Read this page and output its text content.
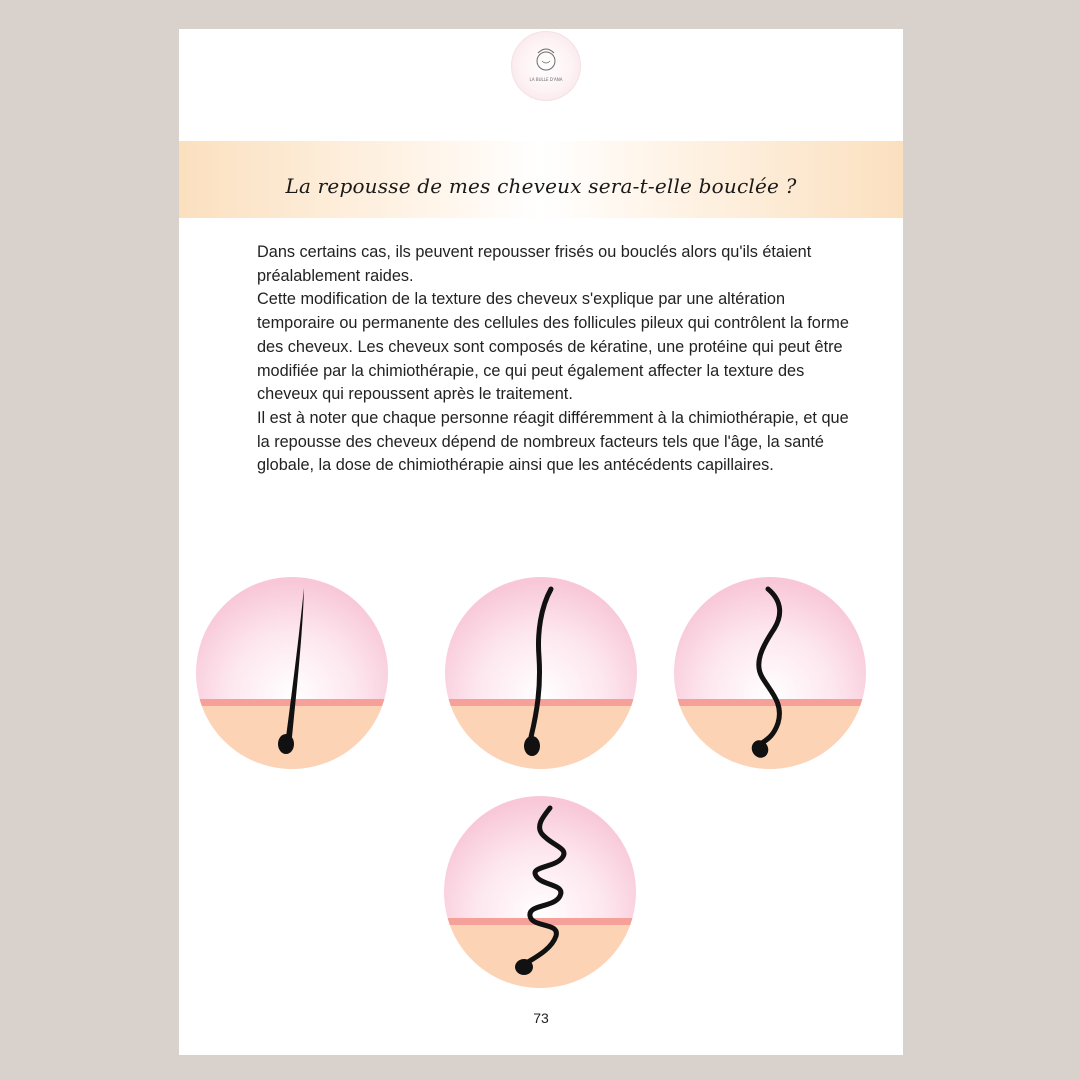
LA BULLE D'ANA
La repousse de mes cheveux sera-t-elle bouclée ?

Dans certains cas, ils peuvent repousser frisés ou bouclés alors qu'ils étaient préalablement raides.

Cette modification de la texture des cheveux s'explique par une altération temporaire ou permanente des cellules des follicules pileux qui contrôlent la forme des cheveux. Les cheveux sont composés de kératine, une protéine qui peut être modifiée par la chimiothérapie, ce qui peut également affecter la texture des cheveux qui repoussent après le traitement.

Il est à noter que chaque personne réagit différemment à la chimiothérapie, et que la repousse des cheveux dépend de nombreux facteurs tels que l'âge, la santé globale, la dose de chimiothérapie ainsi que les antécédents capillaires.

73
